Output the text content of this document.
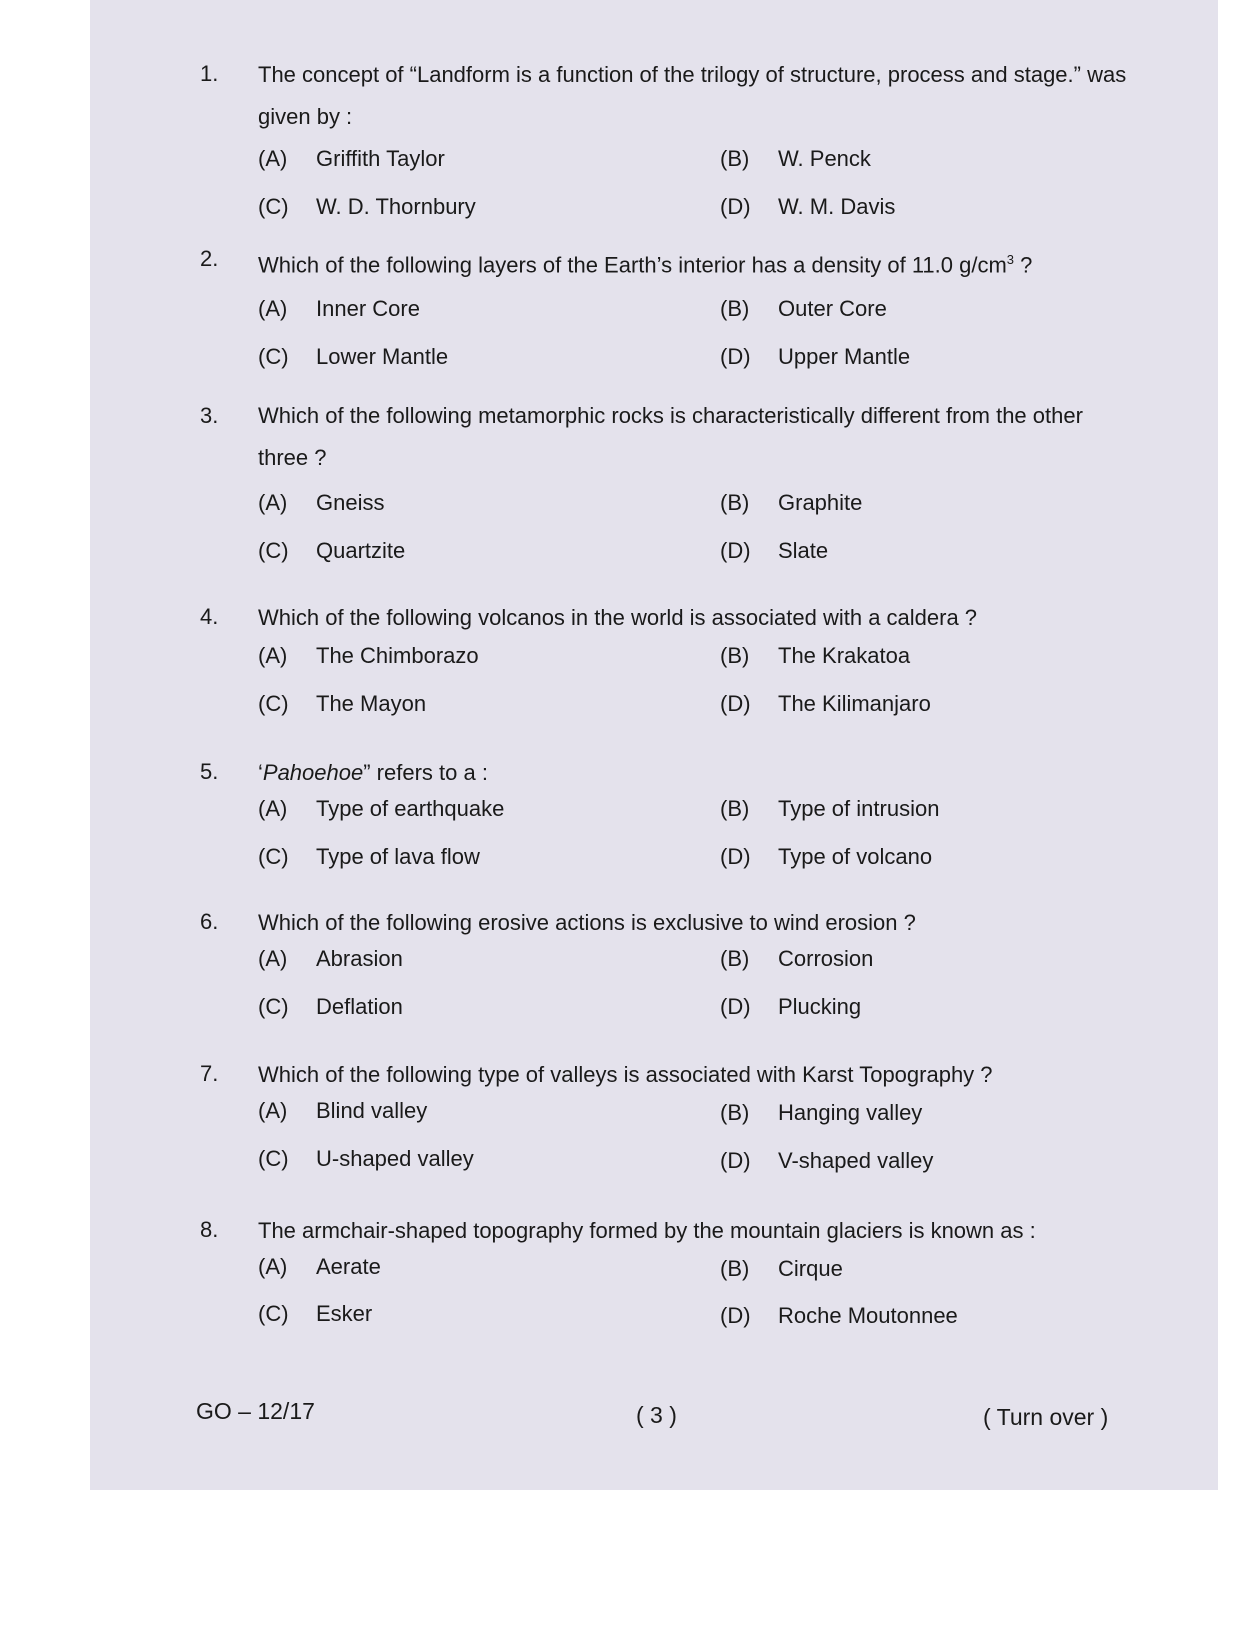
1. The concept of “Landform is a function of the trilogy of structure, process and stage.” was given by :
(A) Griffith Taylor	(B) W. Penck
(C) W. D. Thornbury	(D) W. M. Davis
2. Which of the following layers of the Earth’s interior has a density of 11.0 $g/cm^3$ ?
(A) Inner Core	(B) Outer Core
(C) Lower Mantle	(D) Upper Mantle
3. Which of the following metamorphic rocks is characteristically different from the other three ?
(A) Gneiss	(B) Graphite
(C) Quartzite	(D) Slate
4. Which of the following volcanos in the world is associated with a caldera ?
(A) The Chimborazo	(B) The Krakatoa
(C) The Mayon	(D) The Kilimanjaro
5. ‘Pahoehoe” refers to a :
(A) Type of earthquake	(B) Type of intrusion
(C) Type of lava flow	(D) Type of volcano
6. Which of the following erosive actions is exclusive to wind erosion ?
(A) Abrasion	(B) Corrosion
(C) Deflation	(D) Plucking
7. Which of the following type of valleys is associated with Karst Topography ?
(A) Blind valley	(B) Hanging valley
(C) U-shaped valley	(D) V-shaped valley
8. The armchair-shaped topography formed by the mountain glaciers is known as :
(A) Aerate	(B) Cirque
(C) Esker	(D) Roche Moutonnee
GO – 12/17	( 3 )	( Turn over )
